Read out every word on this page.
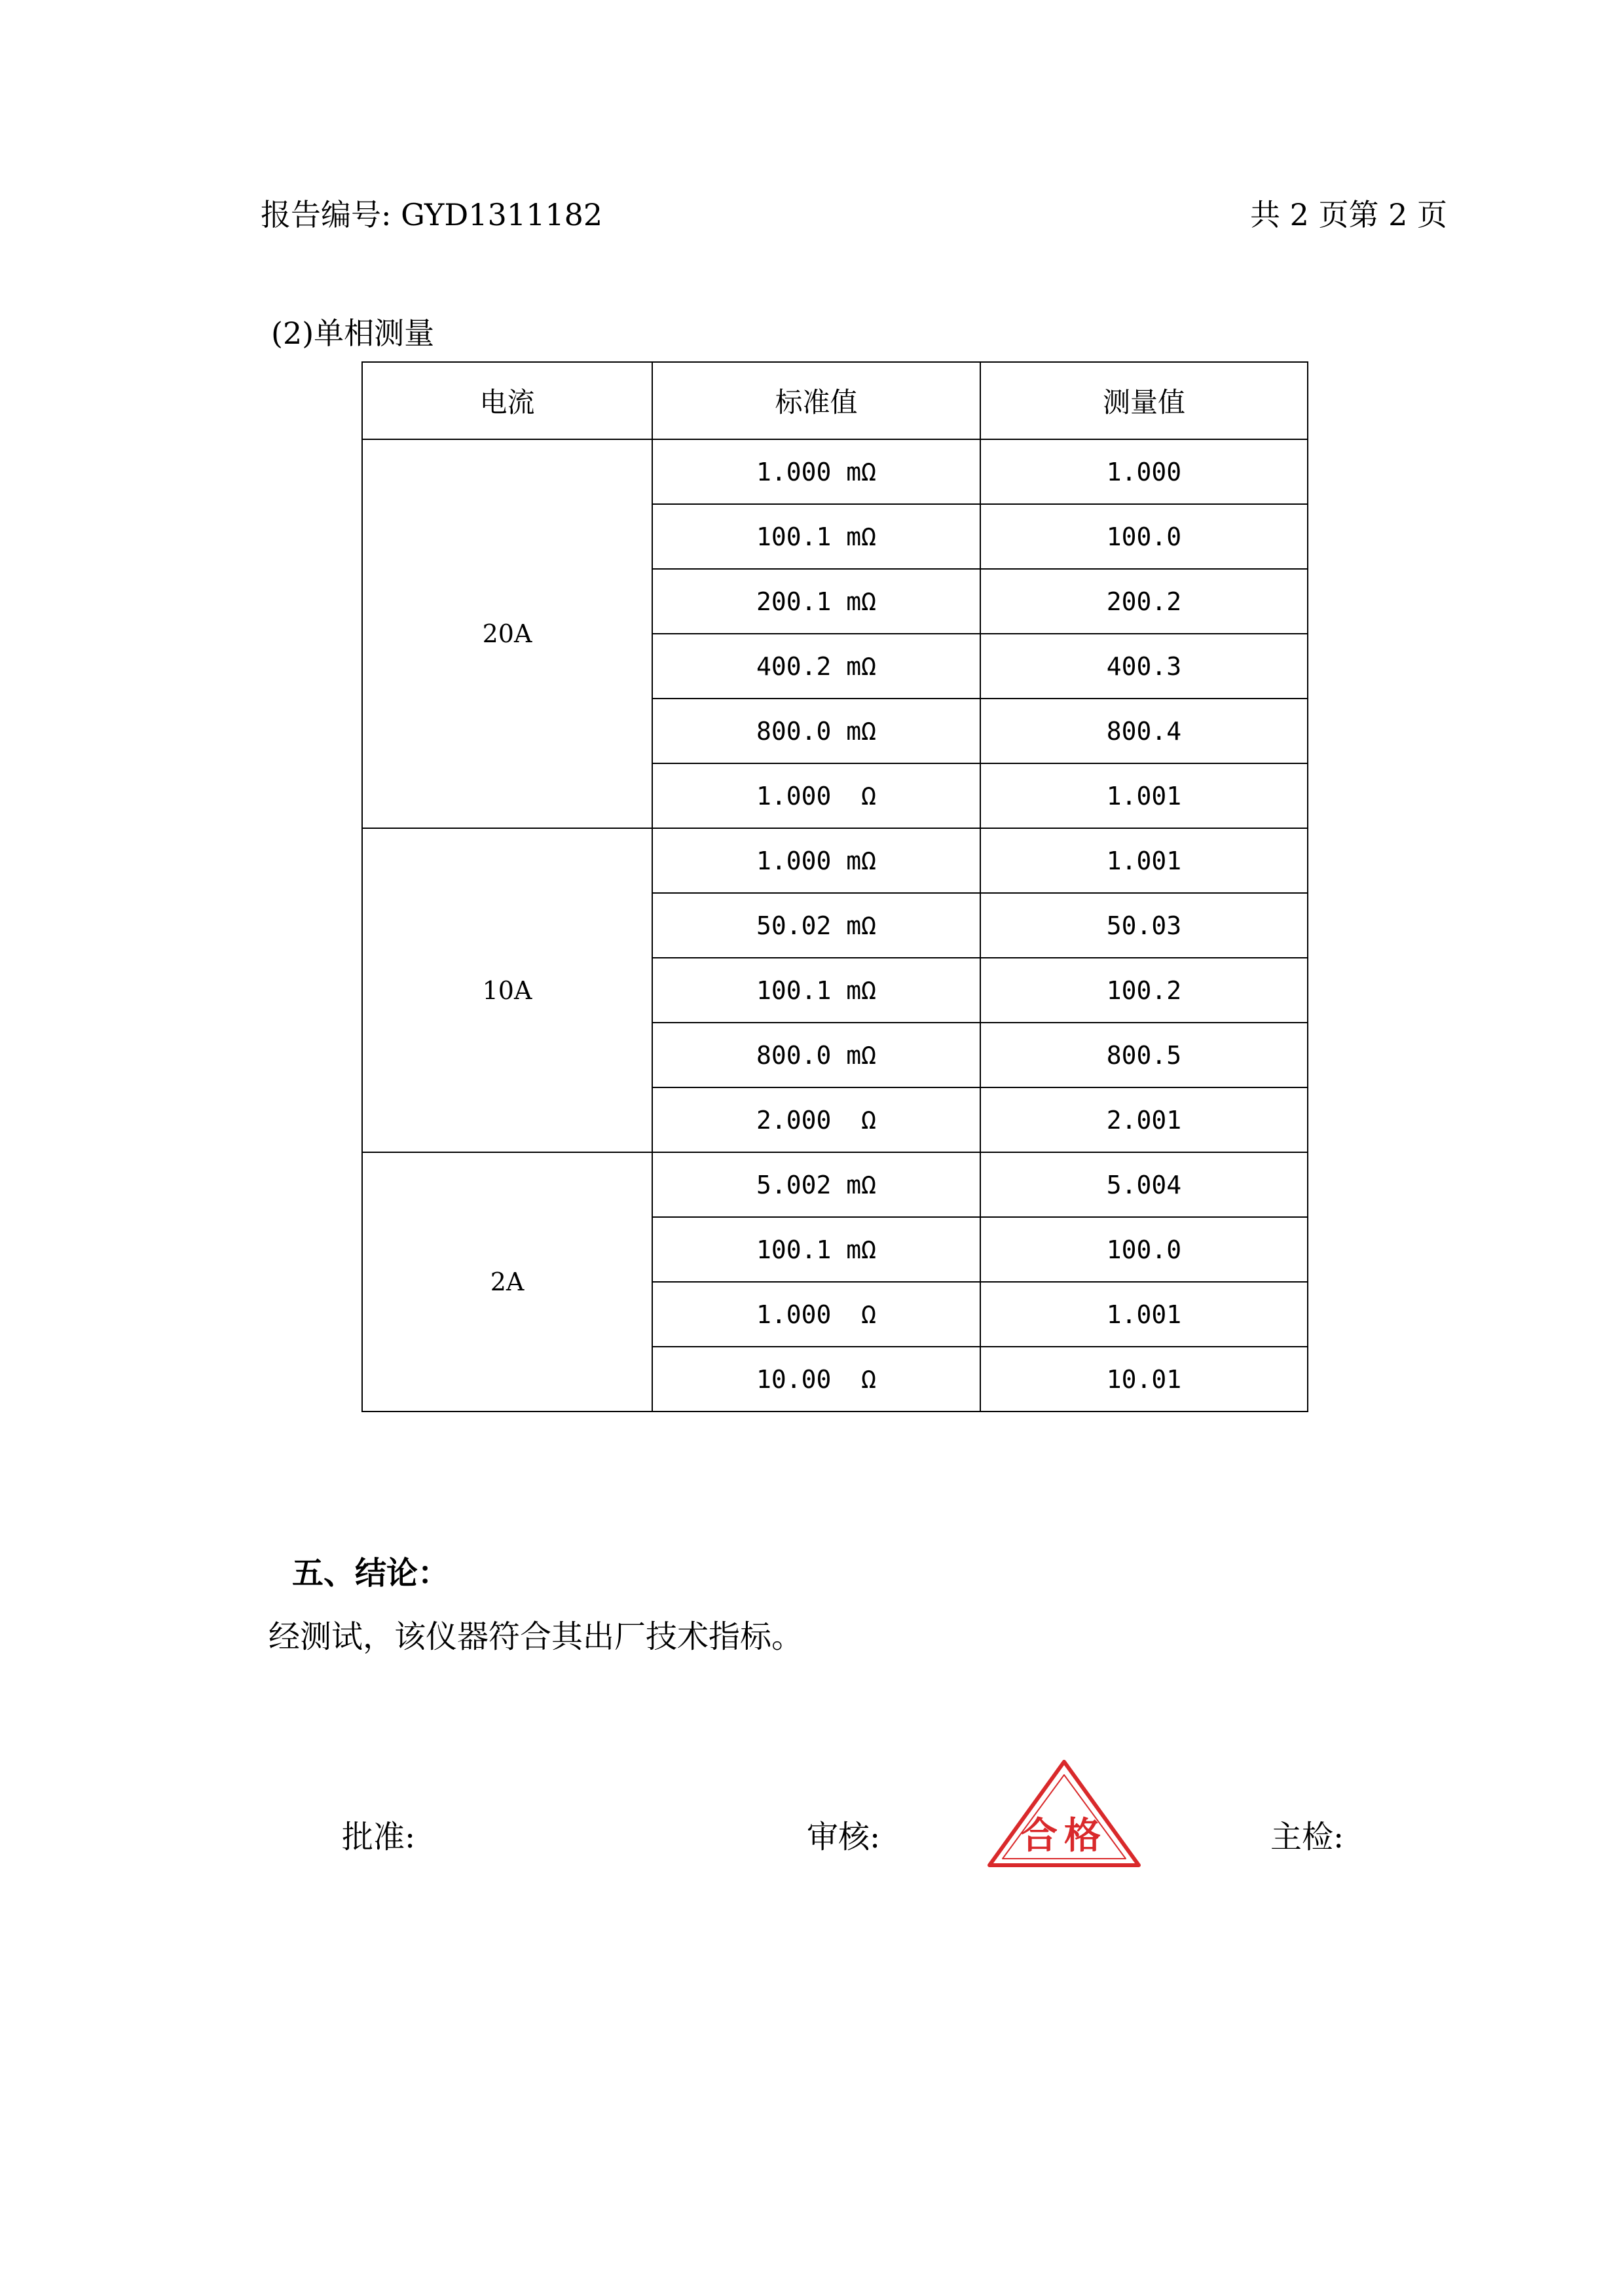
报告编号: GYD1311182	共 2 页第 2 页
(2)单相测量
电流	标准值	测量值
20A	1.000 mΩ	1.000
	100.1 mΩ	100.0
	200.1 mΩ	200.2
	400.2 mΩ	400.3
	800.0 mΩ	800.4
	1.000  Ω	1.001
10A	1.000 mΩ	1.001
	50.02 mΩ	50.03
	100.1 mΩ	100.2
	800.0 mΩ	800.5
	2.000  Ω	2.001
2A	5.002 mΩ	5.004
	100.1 mΩ	100.0
	1.000  Ω	1.001
	10.00  Ω	10.01
五、结论：
经测试，该仪器符合其出厂技术指标。
批准:	审核:	主检:
合格
